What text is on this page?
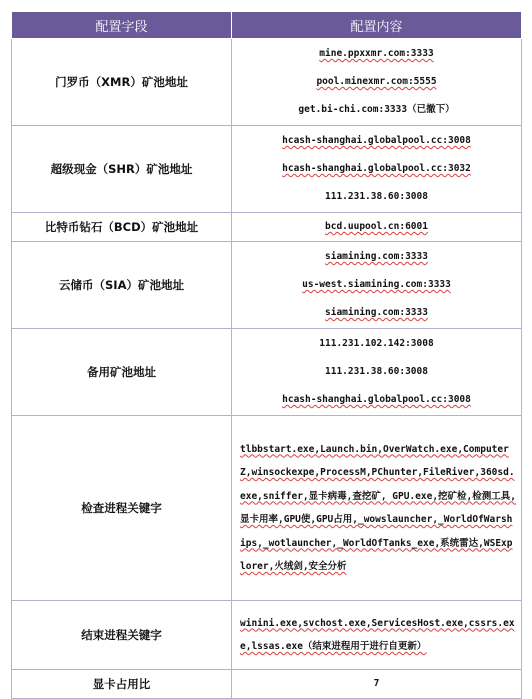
配置字段	配置内容
门罗币（XMR）矿池地址	mine.ppxxmr.com:3333
pool.minexmr.com:5555
get.bi-chi.com:3333（已撤下）

超级现金（SHR）矿池地址	hcash-shanghai.globalpool.cc:3008
hcash-shanghai.globalpool.cc:3032
111.231.38.60:3008

比特币钻石（BCD）矿池地址	bcd.uupool.cn:6001

云储币（SIA）矿池地址	siamining.com:3333
us-west.siamining.com:3333
siamining.com:3333

备用矿池地址	111.231.102.142:3008
111.231.38.60:3008
hcash-shanghai.globalpool.cc:3008

检查进程关键字	tlbbstart.exe,Launch.bin,OverWatch.exe,ComputerZ,winsockexpe,ProcessM,PChunter,FileRiver,360sd.exe,sniffer,显卡病毒,查挖矿, GPU.exe,挖矿检,检测工具,显卡用率,GPU使,GPU占用,_wowslauncher,_WorldOfWarships,_wotlauncher,_WorldOfTanks_exe,系统雷达,WSExplorer,火绒剑,安全分析
结束进程关键字	winini.exe,svchost.exe,ServicesHost.exe,cssrs.exe,lssas.exe（结束进程用于进行自更新）
显卡占用比	7
